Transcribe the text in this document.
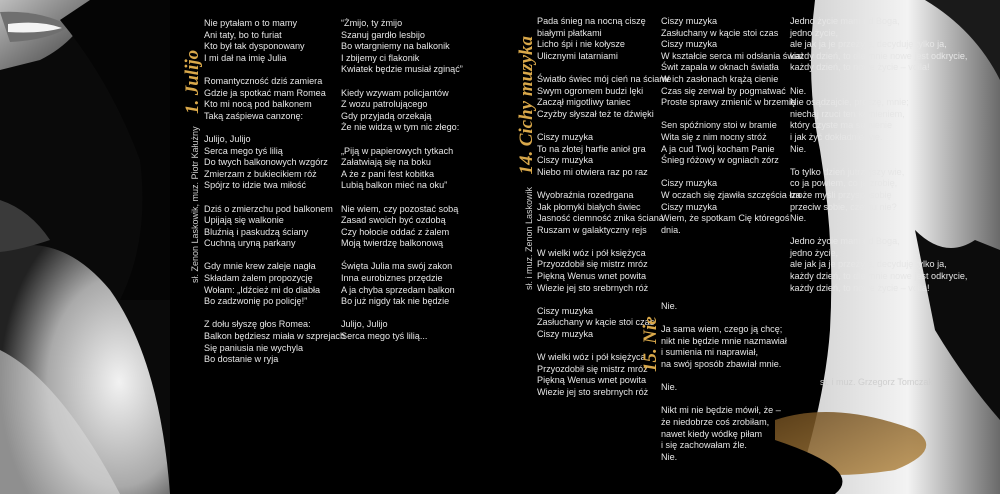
sł. Zenon Laskowik, muz. Piotr Kałużny 1. Julijo
Nie pytałam o to mamy
Ani taty, bo to furiat
Kto był tak dysponowany
I mi dał na imię Julia
Romantyczność dziś zamiera
Gdzie ja spotkać mam Romea
Kto mi nocą pod balkonem
Taką zaśpiewa canzonę:
Julijo, Julijo
Serca mego tyś lilią
Do twych balkonowych wzgórz
Zmierzam z bukiecikiem róż
Spójrz to idzie twa miłość
Dziś o zmierzchu pod balkonem
Upijają się walkonie
Bluźnią i paskudzą ściany
Cuchną uryną parkany
Gdy mnie krew zaleje nagła
Składam żalem propozycję
Wołam: „Idźcież mi do diabła
Bo zadzwonię po policję!”
Z dołu słyszę głos Romea:
Balkon będziesz miała w szprejach
Się paniusia nie wychyla
Bo dostanie w ryja
“Żmijo, ty żmijo
Szanuj gardło lesbijo
Bo wtargniemy na balkonik
I zbijemy ci flakonik
Kwiatek będzie musiał zginąć”
Kiedy wzywam policjantów
Z wozu patrolującego
Gdy przyjadą orzekają
Że nie widzą w tym nic złego:
„Piją w papierowych tytkach
Załatwiają się na boku
A że z pani fest kobitka
Lubią balkon mieć na oku”
Nie wiem, czy pozostać sobą
Zasad swoich być ozdobą
Czy hołocie oddać z żalem
Moją twierdzę balkonową
Święta Julia ma swój zakon
Inna eurobiznes przędzie
A ja chyba sprzedam balkon
Bo już nigdy tak nie będzie
Julijo, Julijo
Serca mego tyś lilią...
sł. i muz. Zenon Laskowik 14. Cichy muzyka
Pada śnieg na nocną ciszę
białymi płatkami
Licho śpi i nie kołysze
Ulicznymi latarniami
Światło świec mój cień na ścianie
Swym ogromem budzi lęki
Zaczął migotliwy taniec
Czyżby słyszał też te dźwięki
Ciszy muzyka
To na złotej harfie anioł gra
Ciszy muzyka
Niebo mi otwiera raz po raz
Wyobraźnia rozedrgana
Jak płomyki białych świec
Jasność ciemność znika ściana
Ruszam w galaktyczny rejs
W wielki wóz i pół księżyca
Przyozdobił się mistrz mróz
Piękną Wenus wnet powita
Wiezie jej sto srebrnych róż
Ciszy muzyka
Zasłuchany w kącie stoi czas
Ciszy muzyka
W wielki wóz i pół księżyca
Przyozdobił się mistrz mróz
Piękną Wenus wnet powita
Wiezie jej sto srebrnych róż
Ciszy muzyka
Zasłuchany w kącie stoi czas
Ciszy muzyka
W kształcie serca mi odsłania świat
Świt zapala w oknach światła
W ich zasłonach krążą cienie
Czas się zerwał by pogmatwać
Proste sprawy zmienić w brzemię
Sen spóźniony stoi w bramie
Wita się z nim nocny stróż
A ja cud Twój kocham Panie
Śnieg różowy w ogniach zórz
Ciszy muzyka
W oczach się zjawiła szczęścia łza
Ciszy muzyka
Wiem, że spotkam Cię któregoś
dnia.
15. Nie
Nie.
Ja sama wiem, czego ją chcę;
nikt nie będzie mnie nazmawiał
i sumienia mi naprawiał,
na swój sposób zbawiał mnie.
Nie.
Nikt mi nie będzie mówił, że –
że niedobrze coś zrobiłam,
nawet kiedy wódkę piłam
i się zachowałam źle.
Nie.
Jedno życie mam od Boga,
jedno życie,
ale jak ja je przeżyję, decyduję tylko ja,
każdy dzień, to dla mnie nowe jest odkrycie,
każdy dzień, to nowe życie – voila!
Nie.
Nie osądzajcie, proszę, mnie;
niechaj rzuci ten kamieniem,
który czyste ma sumienie
i jak żyć dokładnie wie.
Nie.
To tylko dzień jutrzejszy wie,
co ja powiem, co ja zrobię,
może myśli przysposobię
przeciw sobie, czemu nie?
Nie.
Jedno życie mam od Boga,
jedno życie,
ale jak ja je przeżyję, decyduję tylko ja,
każdy dzień, to dla mnie nowe jest odkrycie,
każdy dzień, to nowe życie – voila!
sł. i muz. Grzegorz Tomczak
